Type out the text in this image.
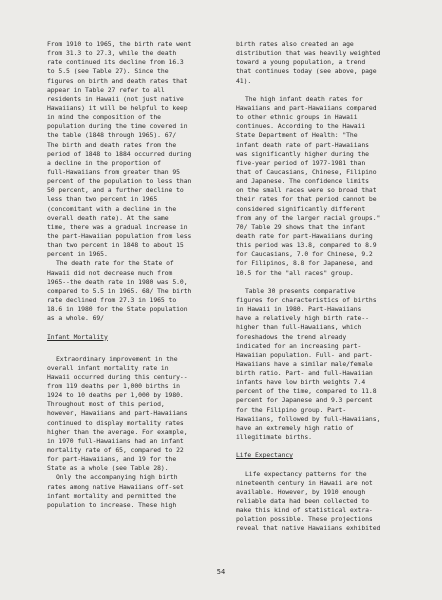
From 1910 to 1965, the birth rate went
from 31.3 to 27.3, while the death
rate continued its decline from 16.3
to 5.5 (see Table 27). Since the
figures on birth and death rates that
appear in Table 27 refer to all
residents in Hawaii (not just native
Hawaiians) it will be helpful to keep
in mind the composition of the
population during the time covered in
the table (1848 through 1965). 67/
The birth and death rates from the
period of 1848 to 1884 occurred during
a decline in the proportion of
full-Hawaiians from greater than 95
percent of the population to less than
50 percent, and a further decline to
less than two percent in 1965
(concomitant with a decline in the
overall death rate). At the same
time, there was a gradual increase in
the part-Hawaiian population from less
than two percent in 1848 to about 15
percent in 1965.
The death rate for the State of
Hawaii did not decrease much from
1965--the death rate in 1980 was 5.0,
compared to 5.5 in 1965. 68/ The birth
rate declined from 27.3 in 1965 to
18.6 in 1980 for the State population
as a whole. 69/
Infant Mortality
Extraordinary improvement in the
overall infant mortality rate in
Hawaii occurred during this century--
from 119 deaths per 1,000 births in
1924 to 10 deaths per 1,000 by 1980.
Throughout most of this period,
however, Hawaiians and part-Hawaiians
continued to display mortality rates
higher than the average. For example,
in 1970 full-Hawaiians had an infant
mortality rate of 65, compared to 22
for part-Hawaiians, and 19 for the
State as a whole (see Table 28).
Only the accompanying high birth
rates among native Hawaiians off-set
infant mortality and permitted the
population to increase. These high
birth rates also created an age
distribution that was heavily weighted
toward a young population, a trend
that continues today (see above, page
41).
The high infant death rates for
Hawaiians and part-Hawaiians compared
to other ethnic groups in Hawaii
continues. According to the Hawaii
State Department of Health: "The
infant death rate of part-Hawaiians
was significantly higher during the
five-year period of 1977-1981 than
that of Caucasians, Chinese, Filipino
and Japanese. The confidence limits
on the small races were so broad that
their rates for that period cannot be
considered significantly different
from any of the larger racial groups."
70/ Table 29 shows that the infant
death rate for part-Hawaiians during
this period was 13.8, compared to 8.9
for Caucasians, 7.0 for Chinese, 9.2
for Filipinos, 8.8 for Japanese, and
10.5 for the "all races" group.
Table 30 presents comparative
figures for characteristics of births
in Hawaii in 1980. Part-Hawaiians
have a relatively high birth rate--
higher than full-Hawaiians, which
foreshadows the trend already
indicated for an increasing part-
Hawaiian population. Full- and part-
Hawaiians have a similar male/female
birth ratio. Part- and full-Hawaiian
infants have low birth weights 7.4
percent of the time, compared to 11.8
percent for Japanese and 9.3 percent
for the Filipino group. Part-
Hawaiians, followed by full-Hawaiians,
have an extremely high ratio of
illegitimate births.
Life Expectancy
Life expectancy patterns for the
nineteenth century in Hawaii are not
available. However, by 1910 enough
reliable data had been collected to
make this kind of statistical extra-
polation possible. These projections
reveal that native Hawaiians exhibited
54
